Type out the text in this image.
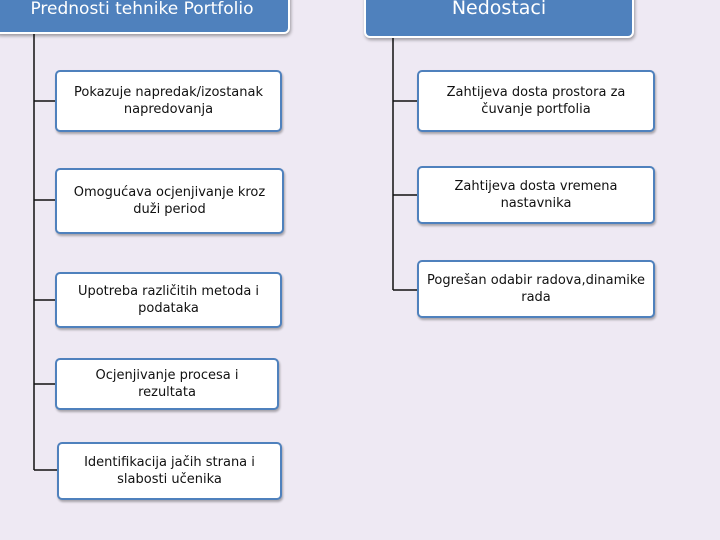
Prednosti tehnike Portfolio	Nedostaci
Pokazuje napredak/izostanak napredovanja
Omogućava ocjenjivanje kroz duži period
Upotreba različitih metoda i podataka
Ocjenjivanje procesa i rezultata
Identifikacija jačih strana i slabosti učenika
Zahtijeva dosta prostora za čuvanje portfolia
Zahtijeva dosta vremena nastavnika
Pogrešan odabir radova,dinamike rada
